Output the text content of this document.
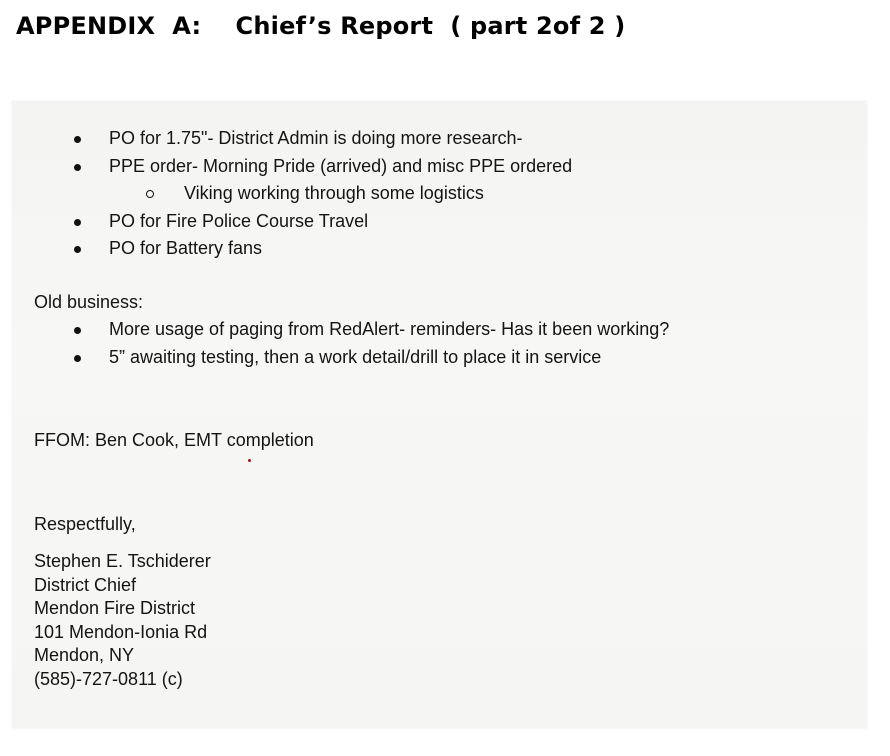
APPENDIX  A:    Chief’s Report  ( part 2of 2 )
PO for 1.75"- District Admin is doing more research-
PPE order- Morning Pride (arrived) and misc PPE ordered
Viking working through some logistics
PO for Fire Police Course Travel
PO for Battery fans
Old business:
More usage of paging from RedAlert- reminders- Has it been working?
5” awaiting testing, then a work detail/drill to place it in service
FFOM: Ben Cook, EMT completion
Respectfully,
Stephen E. Tschiderer
District Chief
Mendon Fire District
101 Mendon-Ionia Rd
Mendon, NY
(585)-727-0811 (c)
